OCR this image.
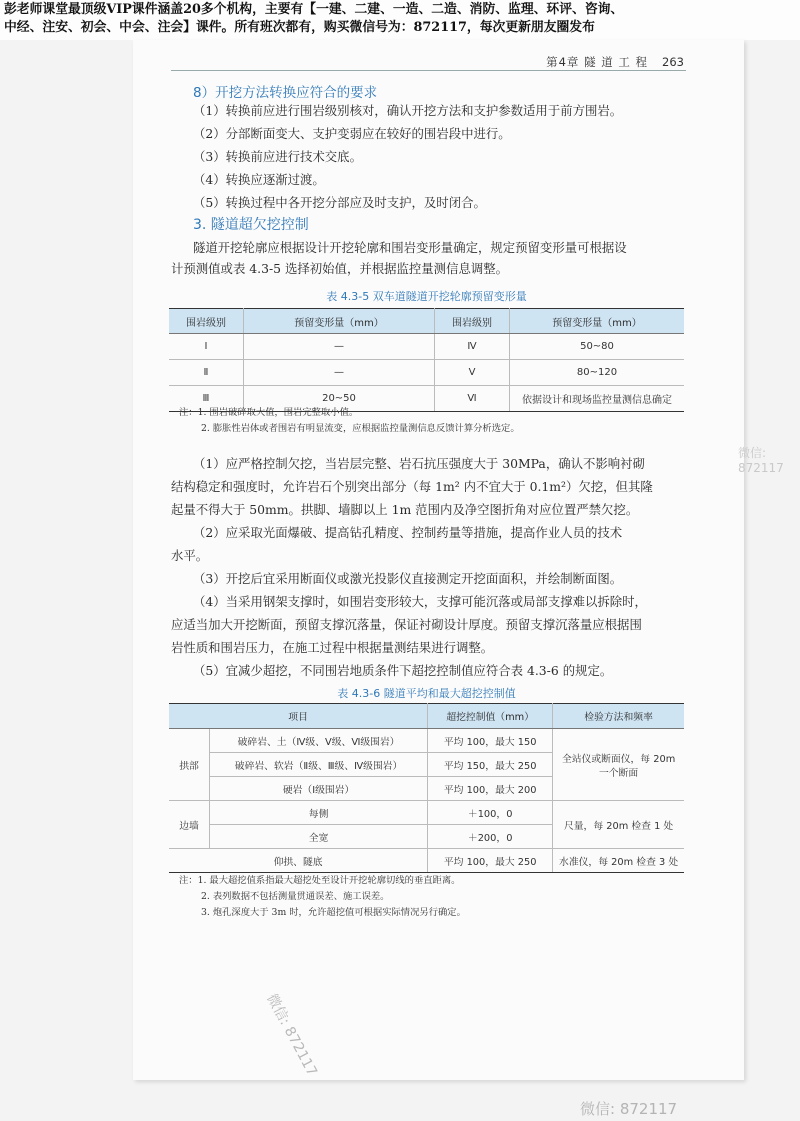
彭老师课堂最顶级VIP课件涵盖20多个机构，主要有【一建、二建、一造、二造、消防、监理、环评、咨询、
中经、注安、初会、中会、注会】课件。所有班次都有，购买微信号为：872117，每次更新朋友圈发布
第4章 隧 道 工 程 263
8）开挖方法转换应符合的要求

（1）转换前应进行围岩级别核对，确认开挖方法和支护参数适用于前方围岩。

（2）分部断面变大、支护变弱应在较好的围岩段中进行。

（3）转换前应进行技术交底。

（4）转换应逐渐过渡。

（5）转换过程中各开挖分部应及时支护，及时闭合。

3. 隧道超欠挖控制

隧道开挖轮廓应根据设计开挖轮廓和围岩变形量确定，规定预留变形量可根据设

计预测值或表 4.3-5 选择初始值，并根据监控量测信息调整。

表 4.3-5 双车道隧道开挖轮廓预留变形量
围岩级别	预留变形量（mm）	围岩级别	预留变形量（mm）
Ⅰ	—	Ⅳ	50~80
Ⅱ	—	Ⅴ	80~120
Ⅲ	20~50	Ⅵ	依据设计和现场监控量测信息确定
注：1. 围岩破碎取大值，围岩完整取小值。
2. 膨胀性岩体或者围岩有明显流变，应根据监控量测信息反馈计算分析选定。

（1）应严格控制欠挖，当岩层完整、岩石抗压强度大于 30MPa，确认不影响衬砌

结构稳定和强度时，允许岩石个别突出部分（每 1m² 内不宜大于 0.1m²）欠挖，但其隆

起量不得大于 50mm。拱脚、墙脚以上 1m 范围内及净空图折角对应位置严禁欠挖。

（2）应采取光面爆破、提高钻孔精度、控制药量等措施，提高作业人员的技术

水平。

（3）开挖后宜采用断面仪或激光投影仪直接测定开挖面面积，并绘制断面图。

（4）当采用钢架支撑时，如围岩变形较大，支撑可能沉落或局部支撑难以拆除时，

应适当加大开挖断面，预留支撑沉落量，保证衬砌设计厚度。预留支撑沉落量应根据围

岩性质和围岩压力，在施工过程中根据量测结果进行调整。

（5）宜减少超挖，不同围岩地质条件下超挖控制值应符合表 4.3-6 的规定。

表 4.3-6 隧道平均和最大超挖控制值
项目		超挖控制值（mm）	检验方法和频率
拱部	破碎岩、土（Ⅳ级、Ⅴ级、Ⅵ级围岩）	平均 100，最大 150	全站仪或断面仪，每 20m
一个断面

	破碎岩、软岩（Ⅱ级、Ⅲ级、Ⅳ级围岩）	平均 150，最大 250	
	硬岩（Ⅰ级围岩）	平均 100，最大 200	
边墙	每侧	＋100，0	尺量，每 20m 检查 1 处
	全宽	＋200，0	
仰拱、隧底		平均 100，最大 250	水准仪，每 20m 检查 3 处
注：1. 最大超挖值系指最大超挖处至设计开挖轮廓切线的垂直距离。
2. 表列数据不包括测量贯通误差、施工误差。
3. 炮孔深度大于 3m 时，允许超挖值可根据实际情况另行确定。
微信: 872117
微信: 872117
微信: 872117
